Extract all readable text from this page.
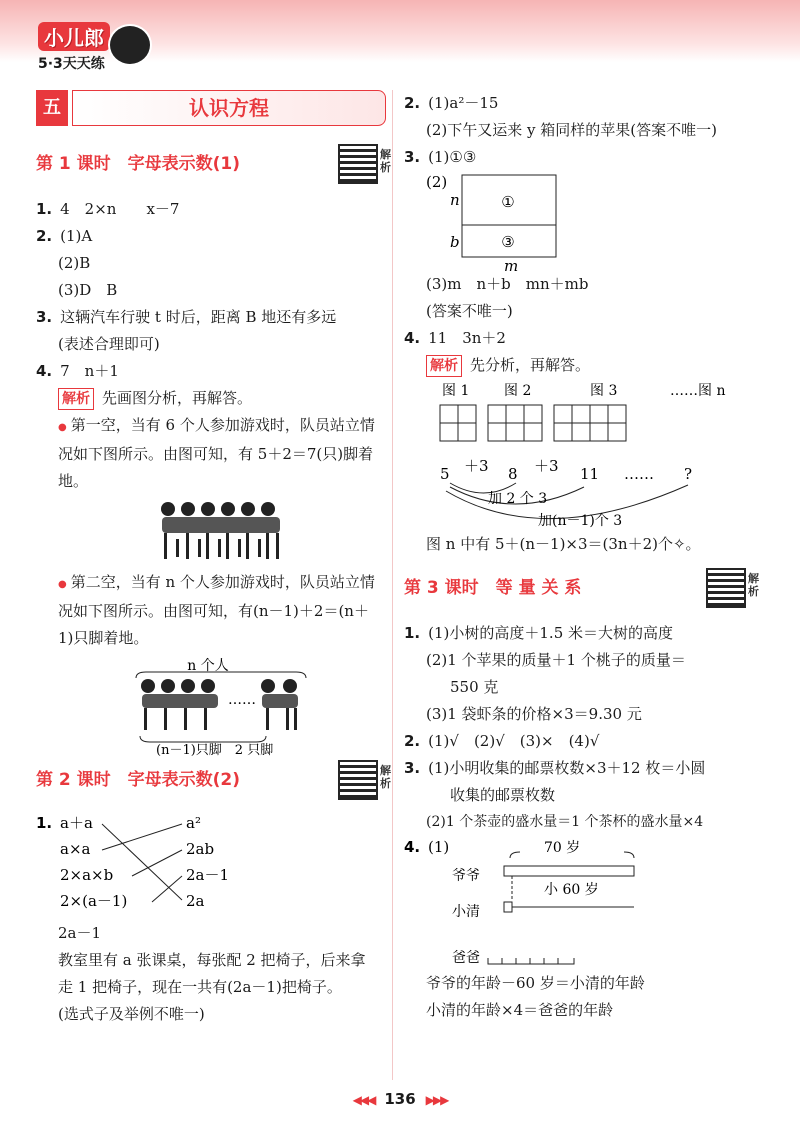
小儿郎
5·3天天练
五	认识方程
第 1 课时　字母表示数(1)	解析
1. 4　2×n　　x－7
2. (1)A
(2)B
(3)D　B
3. 这辆汽车行驶 t 时后，距离 B 地还有多远
(表述合理即可)
4. 7　n＋1
解析 先画图分析，再解答。
● 第一空，当有 6 个人参加游戏时，队员站立情况如下图所示。由图可知，有 5＋2＝7(只)脚着地。
● 第二空，当有 n 个人参加游戏时，队员站立情况如下图所示。由图可知，有(n－1)＋2＝(n＋1)只脚着地。
n 个人
……
(n－1)只脚　2 只脚
第 2 课时　字母表示数(2)	解析
1. a＋a
a×a
2×a×b
2×(a－1)
a²
2ab
2a－1
2a
2a－1
教室里有 a 张课桌，每张配 2 把椅子，后来拿走 1 把椅子，现在一共有(2a－1)把椅子。
(选式子及举例不唯一)
2. (1)a²－15
(2)下午又运来 y 箱同样的苹果(答案不唯一)
3. (1)①③
(2)
①
③
n
b
m
(3)m　n＋b　mn＋mb
(答案不唯一)
4. 11　3n＋2
解析 先分析，再解答。
图 1 图 2	图 3	……图 n
5 ＋3 8 ＋3 11 …… ?
加 2 个 3
加(n－1)个 3
图 n 中有 5＋(n－1)×3＝(3n＋2)个✧。
第 3 课时　等 量 关 系	解析
1. (1)小树的高度＋1.5 米＝大树的高度
(2)1 个苹果的质量＋1 个桃子的质量＝
550 克
(3)1 袋虾条的价格×3＝9.30 元
2. (1)√　(2)√　(3)×　(4)√
3. (1)小明收集的邮票枚数×3＋12 枚＝小圆
收集的邮票枚数
(2)1 个茶壶的盛水量＝1 个茶杯的盛水量×4
4. (1)	70 岁
爷爷
小 60 岁
小清
爸爸
爷爷的年龄－60 岁＝小清的年龄
小清的年龄×4＝爸爸的年龄
◀◀◀ 136 ▶▶▶
